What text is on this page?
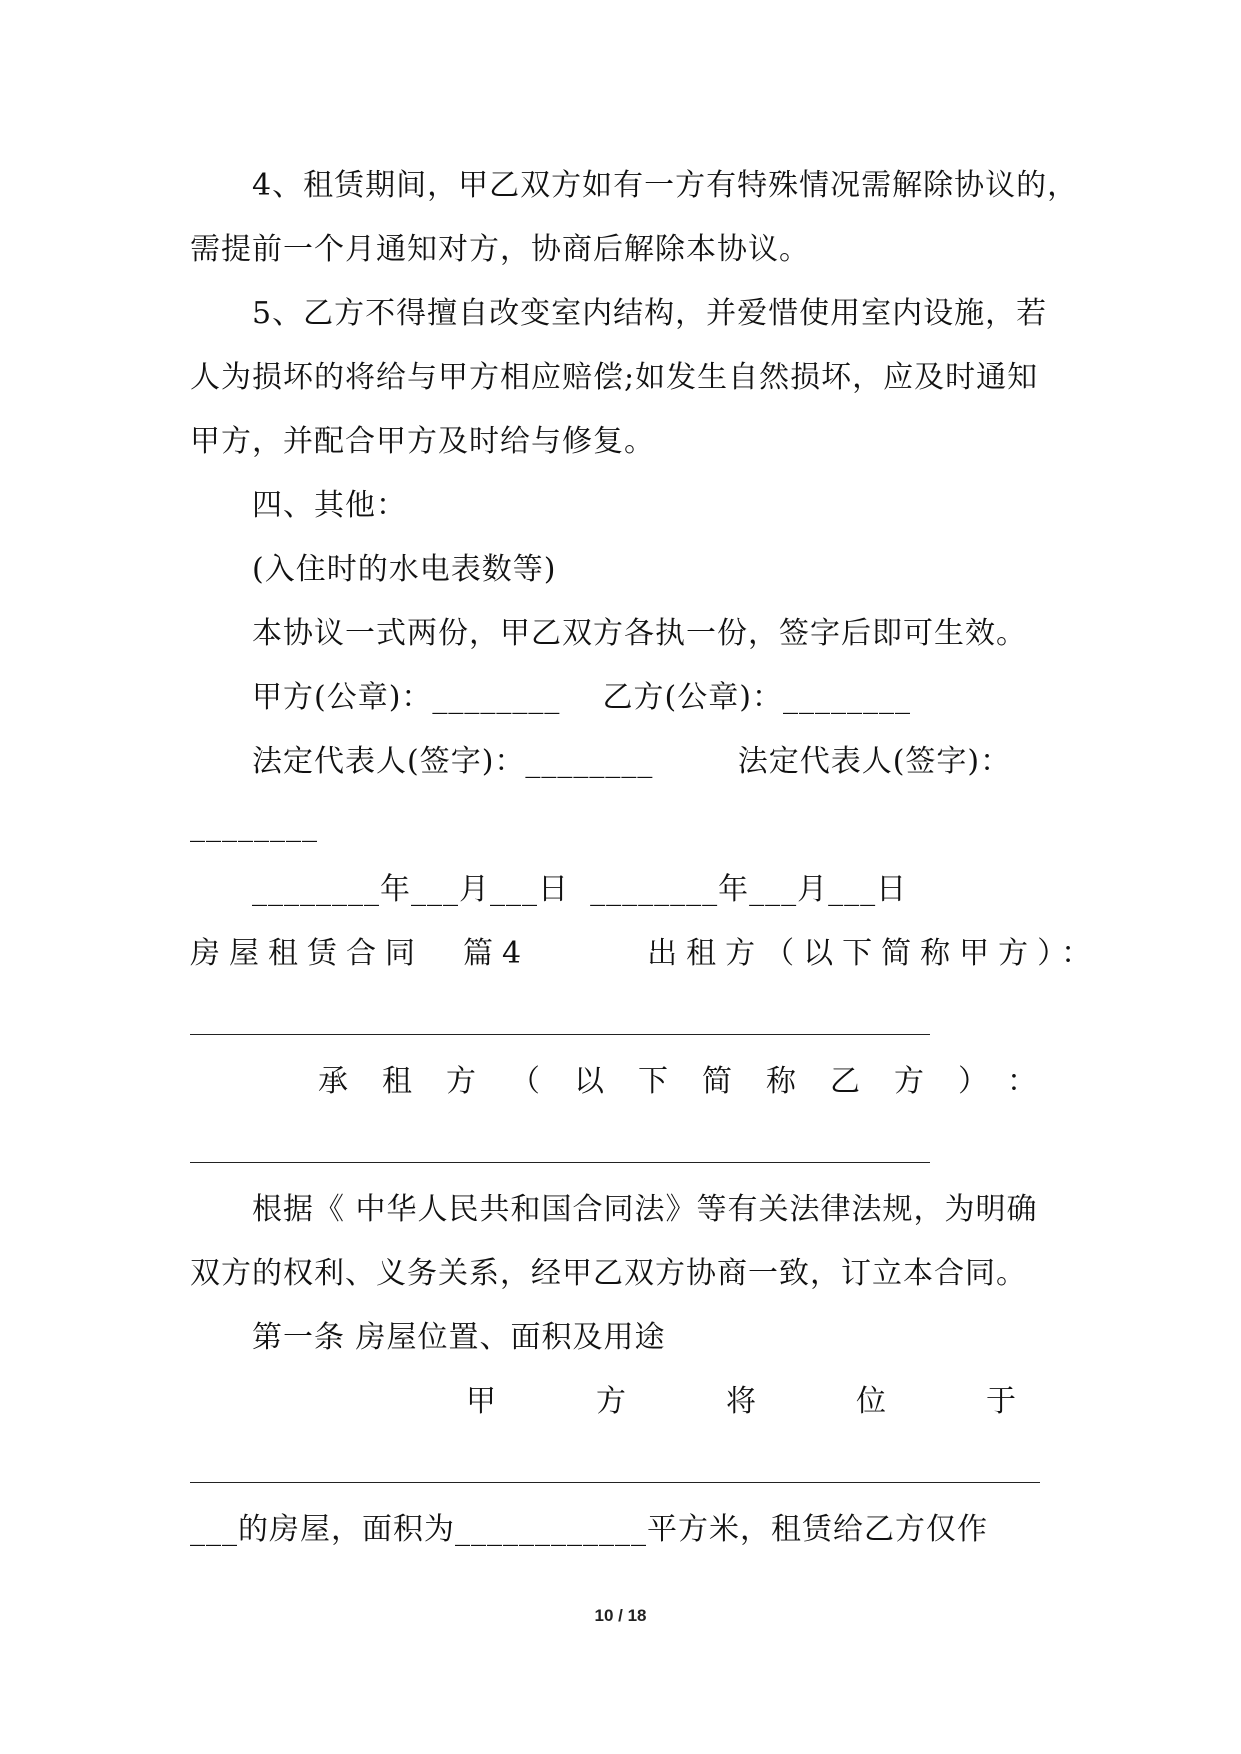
4、租赁期间，甲乙双方如有一方有特殊情况需解除协议的，
需提前一个月通知对方，协商后解除本协议。
5、乙方不得擅自改变室内结构，并爱惜使用室内设施，若
人为损坏的将给与甲方相应赔偿;如发生自然损坏，应及时通知
甲方，并配合甲方及时给与修复。
四、其他：
(入住时的水电表数等)
本协议一式两份，甲乙双方各执一份，签字后即可生效。
甲方(公章)：________    乙方(公章)：________
法定代表人(签字)：________        法定代表人(签字)：
________
________年___月___日  ________年___月___日
房屋租赁合同　篇4　　　出租方（以下简称甲方）：
承租方（以下简称乙方）：
根据《 中华人民共和国合同法》等有关法律法规，为明确
双方的权利、义务关系，经甲乙双方协商一致，订立本合同。
第一条 房屋位置、面积及用途
甲方将位于
___的房屋，面积为____________平方米，租赁给乙方仅作
10 / 18
